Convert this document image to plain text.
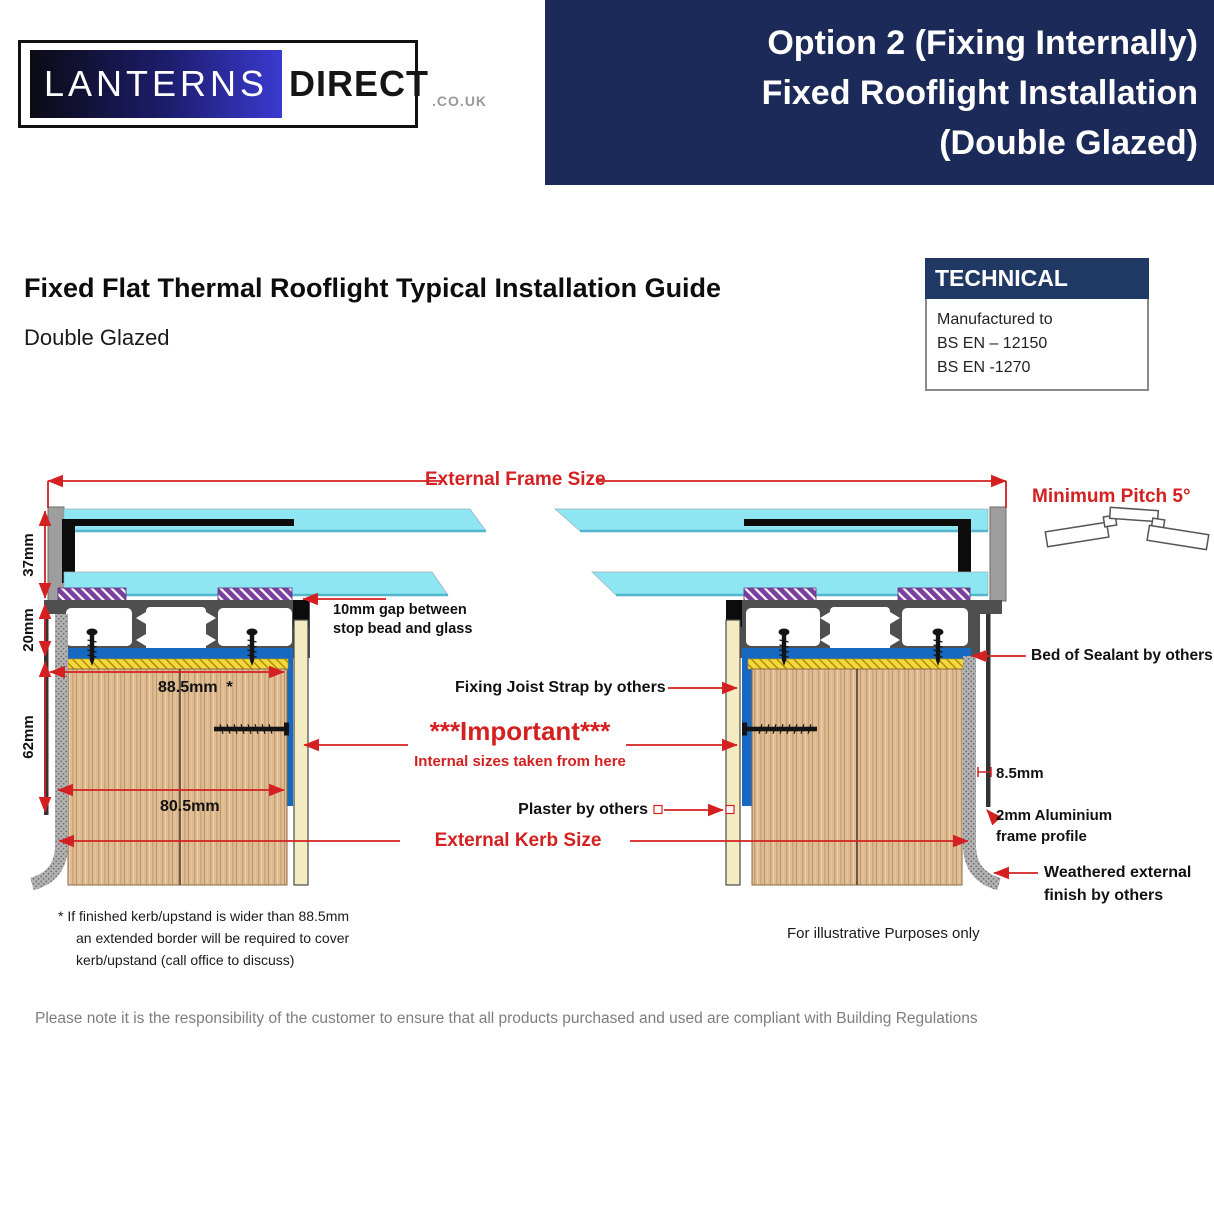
LANTERNS DIRECT .CO.UK
Option 2 (Fixing Internally)
Fixed Rooflight Installation
(Double Glazed)
Fixed Flat Thermal Rooflight Typical Installation Guide
Double Glazed
TECHNICAL
Manufactured to
BS EN – 12150
BS EN -1270
External Frame Size
Minimum Pitch 5°
37mm
20mm
62mm
88.5mm  *
80.5mm
10mm gap between
stop bead and glass
Fixing Joist Strap by others
***Important***
Internal sizes taken from here
Plaster by others
External Kerb Size
Bed of Sealant by others
8.5mm
2mm Aluminium
frame profile
Weathered external
finish by others
For illustrative Purposes only
* If finished kerb/upstand is wider than 88.5mm
an extended border will be required to cover
kerb/upstand (call office to discuss)
Please note it is the responsibility of the customer to ensure that all products purchased and used are compliant with Building Regulations
